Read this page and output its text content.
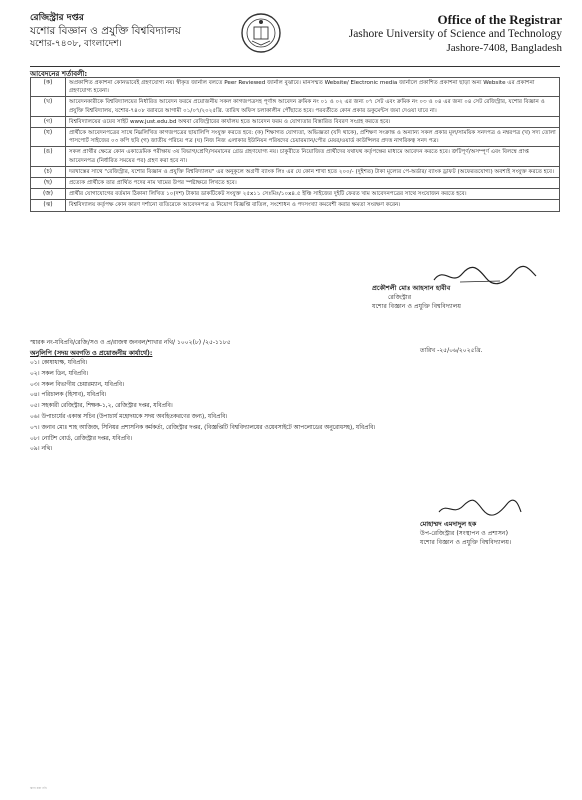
রেজিস্ট্রার দপ্তর
যশোর বিজ্ঞান ও প্রযুক্তি বিশ্ববিদ্যালয়
যশোর-৭৪০৮, বাংলাদেশ।
Office of the Registrar
Jashore University of Science and Technology
Jashore-7408, Bangladesh
আবেদনের শর্তাবলী:
(ক)	অপ্রকাশিত প্রকাশনা কোনভাবেই গ্রহণযোগ্য নয়। স্বীকৃত জার্নাল বলতে Peer Reviewed জার্নাল বুঝাবে। মানসম্মত Website/ Electronic media জার্নালে প্রকাশিত প্রকাশনা ছাড়া অন্য Website এর প্রকাশনা গ্রহণযোগ্য হবেনা।
(খ)	আবেদনকারীকে বিশ্ববিদ্যালয়ের নির্ধারিত আবেদন ফরমে প্রয়োজনীয় সকল কাগজপত্রসহ পূর্ণাঙ্গ আবেদন ক্রমিক নং ০১ ও ০২ এর জন্য ০৭ সেট এবং ক্রমিক নং ০৩ ও ০৪ এর জন্য ০৪ সেট রেজিস্ট্রার, যশোর বিজ্ঞান ও প্রযুক্তি বিশ্ববিদ্যালয়, যশোর-৭৪০৮ বরাবরে আগামী ০১/০৭/২০২৫খ্রি. তারিখ অফিস চলাকালীন পৌঁছাতে হবে। পরবর্তীতে কোন প্রকার ডকুমেন্টস জমা দেওয়া যাবে না।
(গ)	বিশ্ববিদ্যালয়ের ওয়েব সাইট www.just.edu.bd অথবা রেজিস্ট্রারের কার্যালয় হতে আবেদন ফরম ও যোগ্যতার বিস্তারিত বিবরণ সংগ্রহ করতে হবে।
(ঘ)	প্রার্থীকে আবেদনপত্রের সাথে নিম্নলিখিত কাগজপত্রের ছায়ালিপি সংযুক্ত করতে হবে: (ক) শিক্ষাগত যোগ্যতা, অভিজ্ঞতা (যদি থাকে), প্রশিক্ষণ সংক্রান্ত ও অন্যান্য সকল প্রকার মূল/সাময়িক সনদপত্র ও নম্বরপত্র (খ) সদ্য তোলা পাসপোর্ট সাইজের ০৩ কপি ছবি (গ) জাতীয় পরিচয় পত্র (ঘ) নিজ নিজ এলাকার ইউনিয়ন পরিষদের চেয়ারম্যান/পৌর মেয়র/ওয়ার্ড কাউন্সিলর প্রদত্ত নাগরিকত্ব সনদ পত্র।
(ঙ)	সকল প্রার্থীর ক্ষেত্রে কোন একাডেমিক পরীক্ষায় ৩য় বিভাগ/শ্রেণি/সমমানের গ্রেড গ্রহণযোগ্য নয়। চাকুরীতে নিয়োজিত প্রার্থীদের যথাযথ কর্তৃপক্ষের মাধ্যমে আবেদন করতে হবে। ত্রুটিপূর্ণ/অসম্পূর্ণ এবং বিলম্বে প্রাপ্ত আবেদনপত্র (নির্ধারিত সময়ের পর) গ্রহণ করা হবে না।
(চ)	দরখাস্তের সাথে "রেজিস্ট্রার, যশোর বিজ্ঞান ও প্রযুক্তি বিশ্ববিদ্যালয়" এর অনুকূলে অগ্রণী ব্যাংক লিঃ এর যে কোন শাখা হতে ২০০/- (দুইশত) টাকা মূল্যের পে-অর্ডার/ ব্যাংক ড্রাফট (অফেরতযোগ্য) অবশ্যই সংযুক্ত করতে হবে।
(ছ)	প্রত্যেক প্রার্থীকে তার প্রার্থিত পদের নাম খামের উপর স্পষ্টাক্ষরে লিখতে হবে।
(জ)	প্রার্থীর যোগাযোগের বর্তমান ঠিকানা লিখিত ১০(দশ) টাকার ডাকটিকেট সংযুক্ত ২৫x১১ সেঃমিঃ/১০x৪.৫ ইঞ্চি সাইজের দুইটি ফেরত খাম আবেদনপত্রের সাথে সংযোজন করতে হবে।
(ঝ)	বিশ্ববিদ্যালয় কর্তৃপক্ষ কোন কারণ দর্শানো ব্যতিরেকে আবেদনপত্র ও নিয়োগ বিজ্ঞপ্তি বাতিল, সংশোধন ও পদসংখ্যা কমবেশী করার ক্ষমতা সংরক্ষণ করেন।
প্রকৌশলী মোঃ আহসান হাবীব
রেজিস্ট্রার
যশোর বিজ্ঞান ও প্রযুক্তি বিশ্ববিদ্যালয়
স্মারক নং-যবিপ্রবি/রেজি/সও ও প্র/রাজস্ব জনবল/শাখার নথি/ ১০০২(৮) /২৫-১১৮৫
তারিখ -২৫/০৬/২০২৫খ্রি.
অনুলিপি (সদয় অবগতি ও প্রয়োজনীয় কার্যার্থে):
০১। কোষাধ্যক্ষ, যবিপ্রবি।
০২। সকল ডিন, যবিপ্রবি।
০৩। সকল বিভাগীয় চেয়ারম্যান, যবিপ্রবি।
০৪। পরিচালক (হিসাব), যবিপ্রবি।
০৫। সহকারী রেজিস্ট্রার, শিক্ষক-১,২, রেজিস্ট্রার দপ্তর, যবিপ্রবি।
০৬। উপাচার্যের একান্ত সচিব (উপাচার্য মহোদয়কে সদয় অবহিতকরণের জন্য), যবিপ্রবি।
০৭। জনাব মোঃ শাহ আজিজ, সিনিয়র প্রশাসনিক কর্মকর্তা, রেজিস্ট্রার দপ্তর, (বিজ্ঞপ্তিটি বিশ্ববিদ্যালয়ের ওয়েবসাইটে আপলোডের অনুরোধসহ), যবিপ্রবি।
০৮। নোটিশ বোর্ড, রেজিস্ট্রার দপ্তর, যবিপ্রবি।
০৯। নথি।
মোহাম্মদ এমদাদুল হক
উপ-রেজিস্ট্রার (সংস্থাপন ও প্রশাসন)
যশোর বিজ্ঞান ও প্রযুক্তি বিশ্ববিদ্যালয়।
স্ক্যান করা নথি
